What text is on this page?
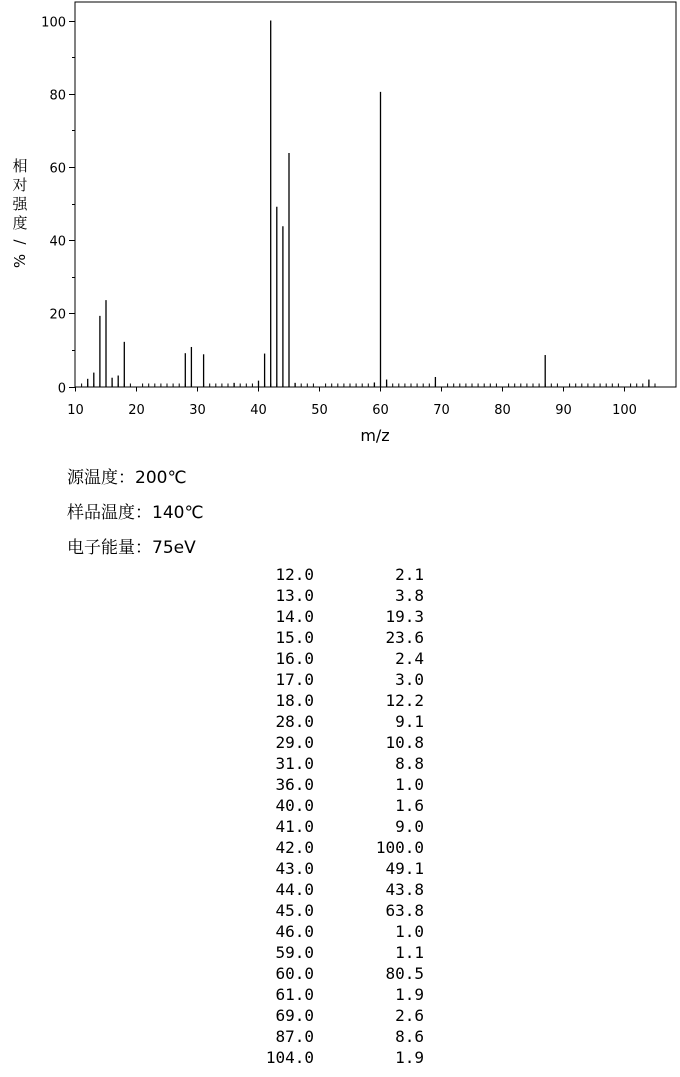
10	20	30	40	50	60	70	80	90	100
0
20
40
60
80
100
m/z
相
对
强
度
/
%
源温度：200℃
样品温度：140℃
电子能量：75eV
12.0	2.1
13.0	3.8
14.0	19.3
15.0	23.6
16.0	2.4
17.0	3.0
18.0	12.2
28.0	9.1
29.0	10.8
31.0	8.8
36.0	1.0
40.0	1.6
41.0	9.0
42.0	100.0
43.0	49.1
44.0	43.8
45.0	63.8
46.0	1.0
59.0	1.1
60.0	80.5
61.0	1.9
69.0	2.6
87.0	8.6
104.0	1.9
